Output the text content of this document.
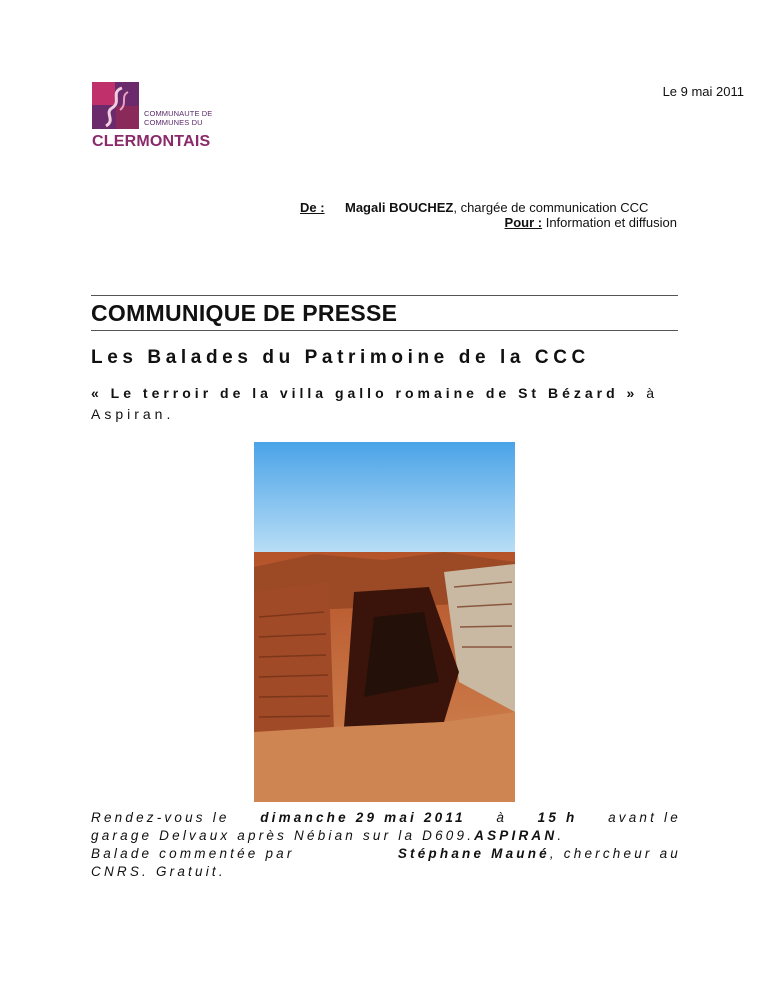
Le 9 mai 2011
COMMUNAUTE DE
COMMUNES DU
CLERMONTAIS
De : Magali BOUCHEZ, chargée de communication CCC
Pour : Information et diffusion
COMMUNIQUE DE PRESSE
Les Balades du Patrimoine de la CCC
« Le terroir de la villa gallo romaine de St Bézard » à
Aspiran.
Rendez-vous le dimanche 29 mai 2011 à 15 h avant le
garage Delvaux après Nébian sur la D609. ASPIRAN .
Balade commentée par	Stéphane Mauné, chercheur au
CNRS. Gratuit.
